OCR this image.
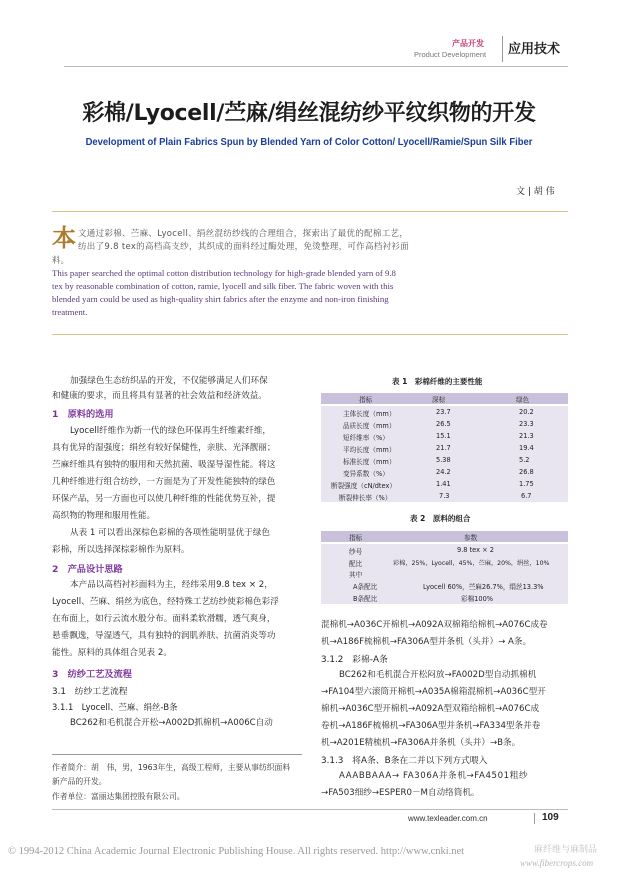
产品开发
Product Development 应用技术
彩棉/Lyocell/苎麻/绢丝混纺纱平纹织物的开发
Development of Plain Fabrics Spun by Blended Yarn of Color Cotton/ Lyocell/Ramie/Spun Silk Fiber
文 | 胡 伟
本 文通过彩棉、苎麻、Lyocell、绢丝混纺纱线的合理组合，探索出了最优的配棉工艺，
纺出了9.8 tex的高档高支纱，其织成的面料经过酶处理，免烫整理，可作高档衬衫面
料。
This paper searched the optimal cotton distribution technology for high-grade blended yarn of 9.8
tex by reasonable combination of cotton, ramie, lyocell and silk fiber. The fabric woven with this
blended yarn could be used as high-quality shirt fabrics after the enzyme and non-iron finishing
treatment.
加强绿色生态纺织品的开发，不仅能够满足人们环保
和健康的要求，而且将具有显著的社会效益和经济效益。
1　原料的选用
Lyocell纤维作为新一代的绿色环保再生纤维素纤维，
具有优异的湿强度；绢丝有较好保健性，亲肤、光泽靓丽；
苎麻纤维具有独特的服用和天然抗菌、吸湿导湿性能。将这
几种纤维进行组合纺纱，一方面是为了开发性能独特的绿色
环保产品，另一方面也可以使几种纤维的性能优势互补，提
高织物的物理和服用性能。
从表 1 可以看出深棕色彩棉的各项性能明显优于绿色
彩棉，所以选择深棕彩棉作为原料。
2　产品设计思路
本产品以高档衬衫面料为主，经纬采用9.8 tex × 2，
Lyocell、苎麻、绢丝为底色，经特殊工艺纺纱使彩棉色彩浮
在布面上，如行云流水般分布。面料柔软滑糯，透气爽身，
悬垂飘逸，导湿透气，具有独特的润肌养肤、抗菌消炎等功
能性。原料的具体组合见表 2。
3　纺纱工艺及流程
3.1　纺纱工艺流程
3.1.1　Lyocell、苎麻、绢丝-B条
BC262和毛机混合开松→A002D抓棉机→A006C自动
表 1　彩棉纤维的主要性能
指标	深棕	绿色
主体长度（mm）	23.7	20.2
品质长度（mm）	26.5	23.3
短纤维率（%）	15.1	21.3
平均长度（mm）	21.7	19.4
标准长度（mm）	5.38	5.2
变异系数（%）	24.2	26.8
断裂强度（cN/dtex）	1.41	1.75
断裂伸长率（%）	7.3	6.7
表 2　原料的组合
指标	参数
纱号	9.8 tex × 2
配比	彩棉，25%，Lyocell，45%，苎麻，20%，绢丝，10%
其中
A条配比	Lyocell 60%，苎麻26.7%，绢丝13.3%
B条配比	彩棉100%
混棉机→A036C开棉机→A092A双棉箱给棉机→A076C成卷
机→A186F梳棉机→FA306A型并条机（头并）→ A条。
3.1.2　彩棉-A条
BC262和毛机混合开松闷放→FA002D型自动抓棉机
→FA104型六滚筒开棉机→A035A棉箱混棉机→A036C型开
棉机→A036C型开棉机→A092A型双箱给棉机→A076C成
卷机→A186F梳棉机→FA306A型并条机→FA334型条并卷
机→A201E精梳机→FA306A并条机（头并）→B条。
3.1.3　将A条、B条在二并以下列方式喂入
AAABBAAA→ FA306A并条机→FA4501粗纱
→FA503细纱→ESPER0－M自动络筒机。
作者简介：胡　伟，男，1963年生，高级工程师，主要从事纺织面料
新产品的开发。
作者单位：富丽达集团控股有限公司。
www.texleader.com.cn	109
© 1994-2012 China Academic Journal Electronic Publishing House. All rights reserved. http://www.cnki.net	麻纤维与麻制品
www.fibercrops.com
